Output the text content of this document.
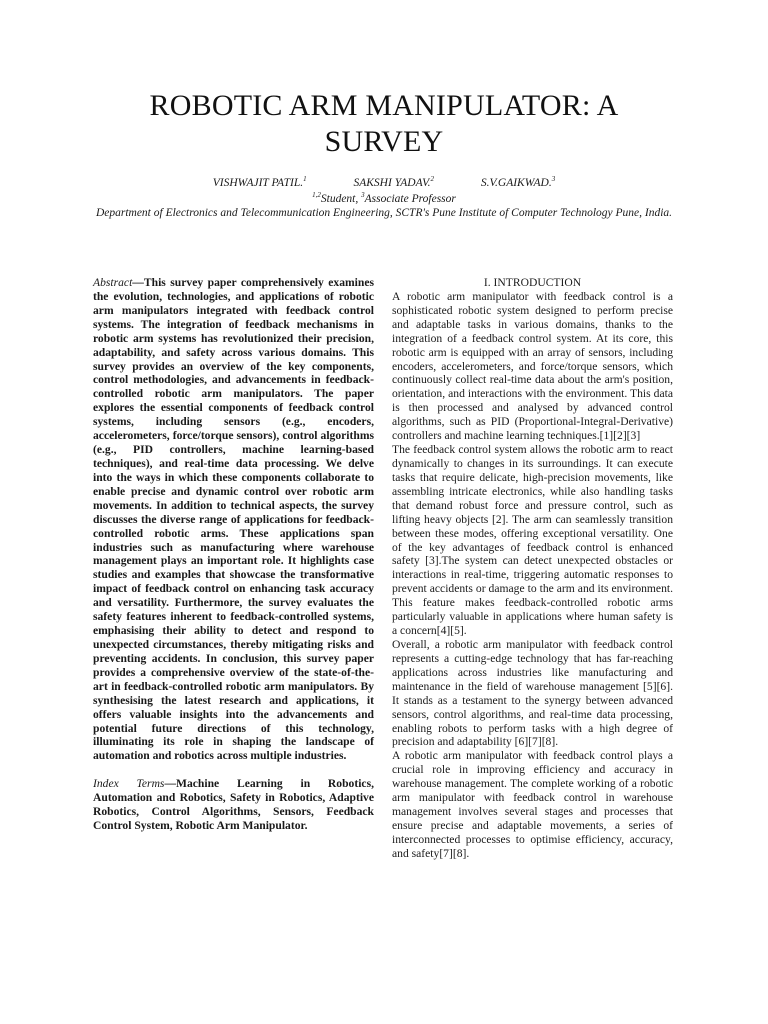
ROBOTIC ARM MANIPULATOR: A
SURVEY
VISHWAJIT PATIL.$^1$	SAKSHI YADAV.$^2$	S.V.GAIKWAD.$^3$
$^{1,2}$Student, $^3$Associate Professor
Department of Electronics and Telecommunication Engineering, SCTR's Pune Institute of Computer Technology Pune, India.

Abstract—This survey paper comprehensively examines the evolution, technologies, and applications of robotic arm manipulators integrated with feedback control systems. The integration of feedback mechanisms in robotic arm systems has revolutionized their precision, adaptability, and safety across various domains. This survey provides an overview of the key components, control methodologies, and advancements in feedback-controlled robotic arm manipulators. The paper explores the essential components of feedback control systems, including sensors (e.g., encoders, accelerometers, force/torque sensors), control algorithms (e.g., PID controllers, machine learning-based techniques), and real-time data processing. We delve into the ways in which these components collaborate to enable precise and dynamic control over robotic arm movements. In addition to technical aspects, the survey discusses the diverse range of applications for feedback-controlled robotic arms. These applications span industries such as manufacturing where warehouse management plays an important role. It highlights case studies and examples that showcase the transformative impact of feedback control on enhancing task accuracy and versatility. Furthermore, the survey evaluates the safety features inherent to feedback-controlled systems, emphasising their ability to detect and respond to unexpected circumstances, thereby mitigating risks and preventing accidents. In conclusion, this survey paper provides a comprehensive overview of the state-of-the-art in feedback-controlled robotic arm manipulators. By synthesising the latest research and applications, it offers valuable insights into the advancements and potential future directions of this technology, illuminating its role in shaping the landscape of automation and robotics across multiple industries.

Index Terms—Machine Learning in Robotics, Automation and Robotics, Safety in Robotics, Adaptive Robotics, Control Algorithms, Sensors, Feedback Control System, Robotic Arm Manipulator.

I. INTRODUCTION

A robotic arm manipulator with feedback control is a sophisticated robotic system designed to perform precise and adaptable tasks in various domains, thanks to the integration of a feedback control system. At its core, this robotic arm is equipped with an array of sensors, including encoders, accelerometers, and force/torque sensors, which continuously collect real-time data about the arm's position, orientation, and interactions with the environment. This data is then processed and analysed by advanced control algorithms, such as PID (Proportional-Integral-Derivative) controllers and machine learning techniques.[1][2][3]

The feedback control system allows the robotic arm to react dynamically to changes in its surroundings. It can execute tasks that require delicate, high-precision movements, like assembling intricate electronics, while also handling tasks that demand robust force and pressure control, such as lifting heavy objects [2]. The arm can seamlessly transition between these modes, offering exceptional versatility. One of the key advantages of feedback control is enhanced safety [3].The system can detect unexpected obstacles or interactions in real-time, triggering automatic responses to prevent accidents or damage to the arm and its environment. This feature makes feedback-controlled robotic arms particularly valuable in applications where human safety is a concern[4][5].

Overall, a robotic arm manipulator with feedback control represents a cutting-edge technology that has far-reaching applications across industries like manufacturing and maintenance in the field of warehouse management [5][6]. It stands as a testament to the synergy between advanced sensors, control algorithms, and real-time data processing, enabling robots to perform tasks with a high degree of precision and adaptability [6][7][8].

A robotic arm manipulator with feedback control plays a crucial role in improving efficiency and accuracy in warehouse management. The complete working of a robotic arm manipulator with feedback control in warehouse management involves several stages and processes that ensure precise and adaptable movements, a series of interconnected processes to optimise efficiency, accuracy, and safety[7][8].
